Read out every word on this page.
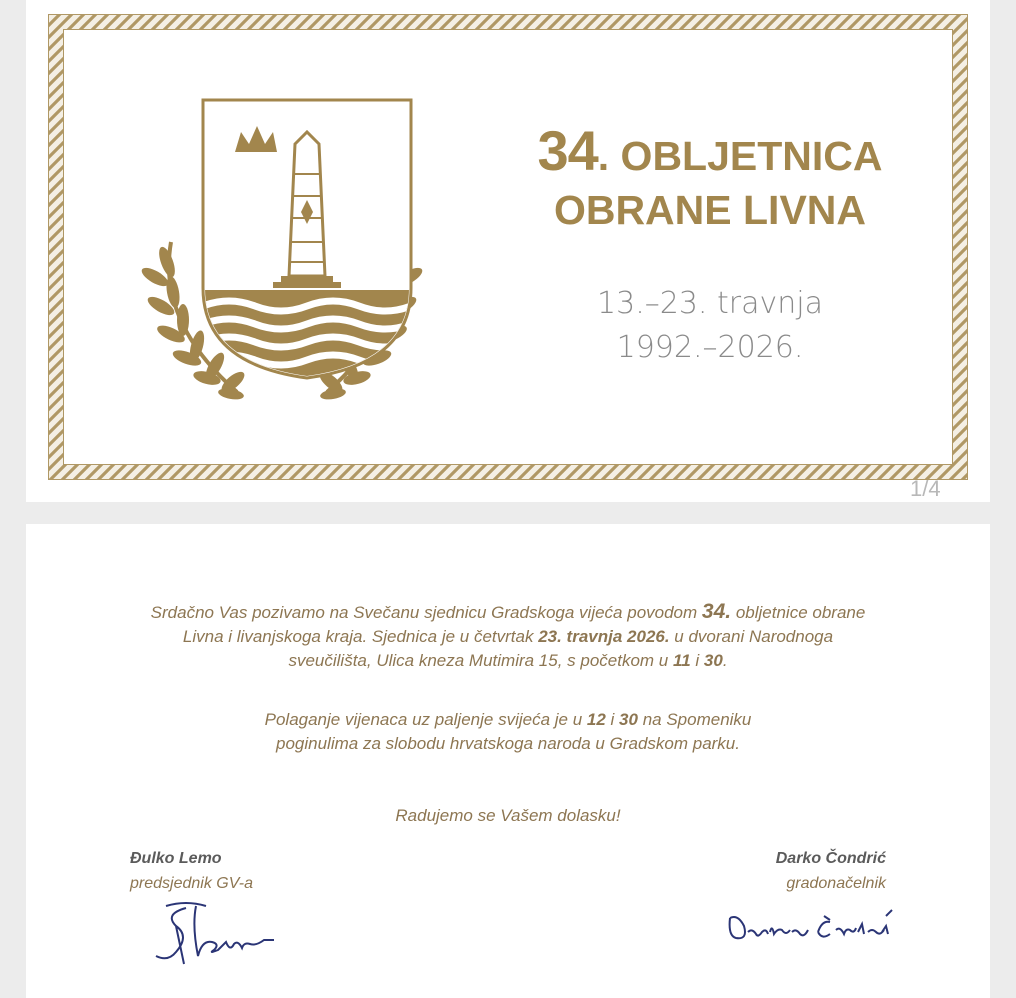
34. OBLJETNICA
OBRANE LIVNA
13.–23. travnja
1992.–2026.
1/4
Srdačno Vas pozivamo na Svečanu sjednicu Gradskoga vijeća povodom 34. obljetnice obrane
Livna i livanjskoga kraja. Sjednica je u četvrtak 23. travnja 2026. u dvorani Narodnoga
sveučilišta, Ulica kneza Mutimira 15, s početkom u 11 i 30.
Polaganje vijenaca uz paljenje svijeća je u 12 i 30 na Spomeniku
poginulima za slobodu hrvatskoga naroda u Gradskom parku.
Radujemo se Vašem dolasku!
Đulko Lemo
predsjednik GV-a
Darko Čondrić
gradonačelnik
